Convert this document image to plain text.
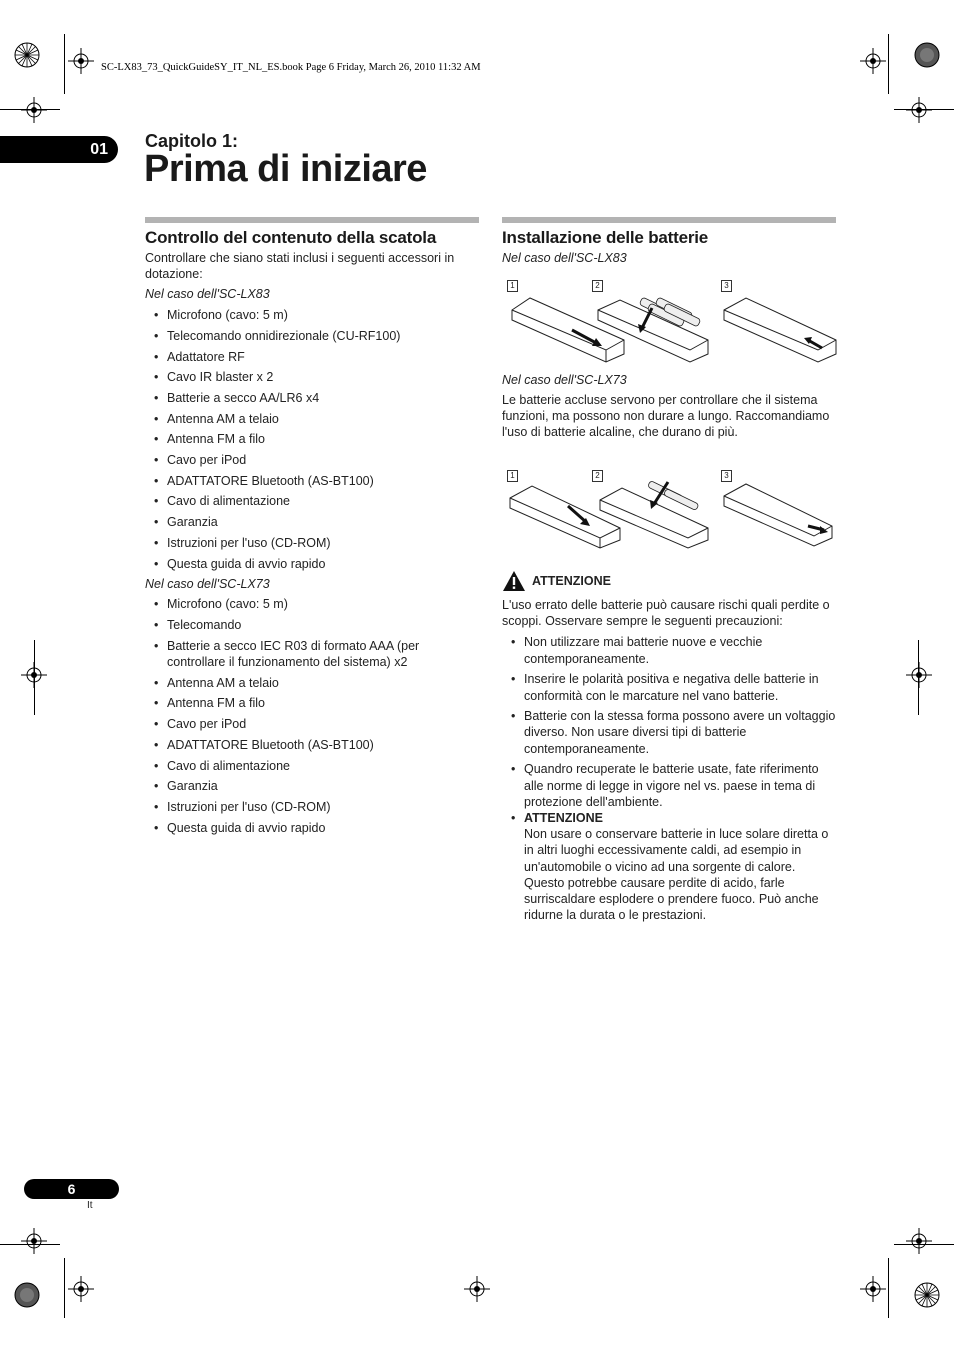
SC-LX83_73_QuickGuideSY_IT_NL_ES.book Page 6 Friday, March 26, 2010 11:32 AM
01 Capitolo 1:
Prima di iniziare
Controllo del contenuto della scatola

Controllare che siano stati inclusi i seguenti accessori in dotazione:

Nel caso dell'SC-LX83

• Microfono (cavo: 5 m)
• Telecomando onnidirezionale (CU-RF100)
• Adattatore RF
• Cavo IR blaster x 2
• Batterie a secco AA/LR6 x4
• Antenna AM a telaio
• Antenna FM a filo
• Cavo per iPod
• ADATTATORE Bluetooth (AS-BT100)
• Cavo di alimentazione
• Garanzia
• Istruzioni per l'uso (CD-ROM)
• Questa guida di avvio rapido

Nel caso dell'SC-LX73

• Microfono (cavo: 5 m)
• Telecomando
• Batterie a secco IEC R03 di formato AAA (per controllare il funzionamento del sistema) x2
• Antenna AM a telaio
• Antenna FM a filo
• Cavo per iPod
• ADATTATORE Bluetooth (AS-BT100)
• Cavo di alimentazione
• Garanzia
• Istruzioni per l'uso (CD-ROM)
• Questa guida di avvio rapido
Installazione delle batterie
Nel caso dell'SC-LX83
1	2	3
Nel caso dell'SC-LX73
Le batterie accluse servono per controllare che il sistema funzioni, ma possono non durare a lungo. Raccomandiamo l'uso di batterie alcaline, che durano di più.
1	2	3
ATTENZIONE

L'uso errato delle batterie può causare rischi quali perdite o scoppi. Osservare sempre le seguenti precauzioni:

• Non utilizzare mai batterie nuove e vecchie contemporaneamente.
• Inserire le polarità positiva e negativa delle batterie in conformità con le marcature nel vano batterie.
• Batterie con la stessa forma possono avere un voltaggio diverso. Non usare diversi tipi di batterie contemporaneamente.
• Quandro recuperate le batterie usate, fate riferimento alle norme di legge in vigore nel vs. paese in tema di protezione dell'ambiente.
• ATTENZIONE
Non usare o conservare batterie in luce solare diretta o in altri luoghi eccessivamente caldi, ad esempio in un'automobile o vicino ad una sorgente di calore. Questo potrebbe causare perdite di acido, farle surriscaldare esplodere o prendere fuoco. Può anche ridurne la durata o le prestazioni.
6
It
